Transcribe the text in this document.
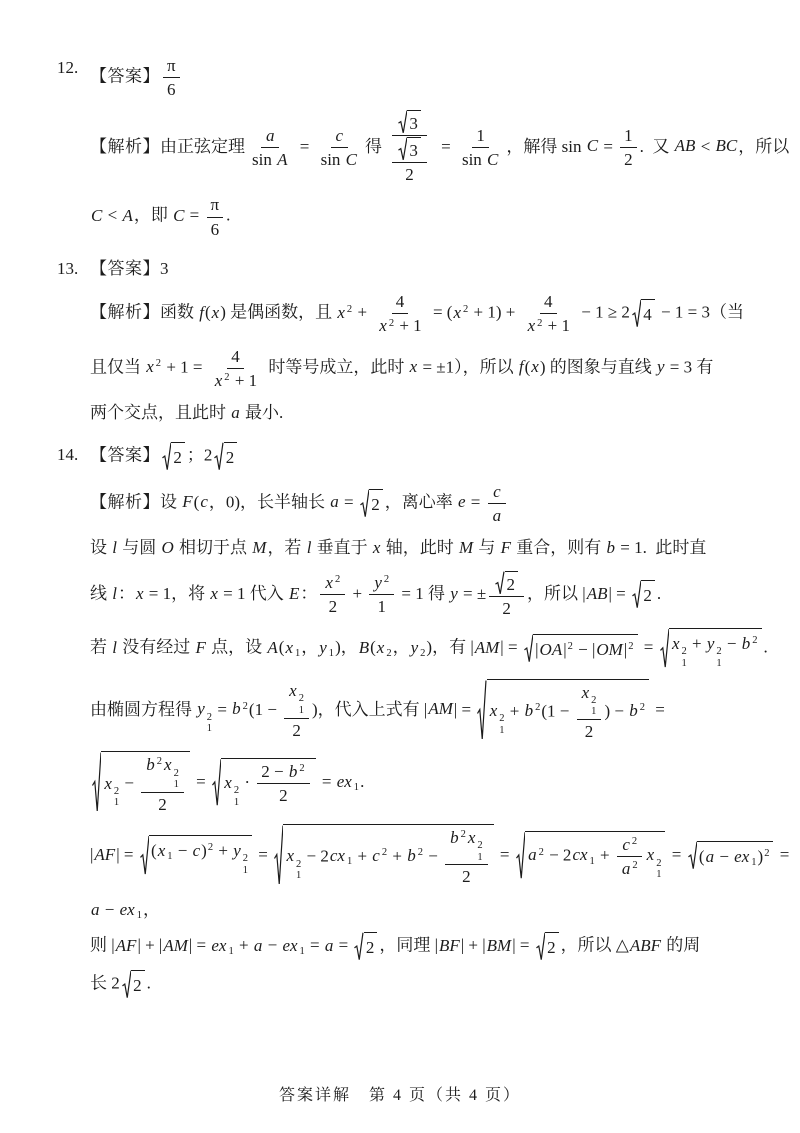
12. 【答案】 $\frac{\pi}{6}$
【解析】由正弦定理 $\frac{a}{\text{sin A}} = \frac{c}{\text{sin C}}$ 得 $\frac{3}{\frac{3}{2}} = \frac{1}{\text{sin C}}$ ，解得 $\sin C = \frac{1}{2}$ .  又 AB < BC，所以
C < A，即 $C = \frac{\pi}{6}$ .
13. 【答案】3
【解析】函数 f(x) 是偶函数，且 x $^2 + \frac{4}{x ^2 + 1} = (x$ $^2 + 1) + \frac{4}{x ^2 + 1} - 1 \ge 2$ 4 − 1 = 3（当
且仅当 x $^2 + 1 = \frac{4}{x ^2 + 1}$ 时等号成立，此时 x = ±1），所以 f(x) 的图象与直线 y = 3 有
两个交点，且此时 a 最小.
14. 【答案】 2 ；2 2
【解析】设 F(c，0)，长半轴长 a = 2 ，离心率 $e = \frac{c}{a}$
设 l 与圆 O 相切于点 M，若 l 垂直于 x 轴，此时 M 与 F 重合，则有 b = 1.  此时直
线 l：x = 1，将 x = 1 代入 E： $\frac{x ^2}{2} + \frac{y ^2}{1} = 1$ 得 y = ± $\frac{2}{2}$ ，所以 |AB| = 2 .
若 l 没有经过 F 点，设 A(x $_1$，y $_1$)，B(x $_2$，y $_2$)，有 $|AM| = |OA|^2 - |OM|^2 = x$ 2
1
+ y 2
1
− b $^2$ .
由椭圆方程得 y 2
1
= b $^2$(1 − x 2
1
2 )，代入上式有 |AM| = x 2
1
+ b $^2$(1 − x 2
1
2 ) − b $^2$ =
x 2
1
− b $^2$ x 2
1
2 = x 2
1
· $\frac{2 - b ^2}{2}$ = ex $_1$.
|AF| = (x $_1$ − c)$^2$ + y 2
1
= x 2
1
− 2cx $_1$ + c $^2$ + b $^2$ − b $^2$ x 2
1
2 = a $^2$ − 2cx $_1 + \frac{c ^2}{a ^2}$ x 2
1
= (a − ex $_1$)$^2$ =
a − ex $_1$，
则 |AF| + |AM| = ex $_1$ + a − ex $_1$ = a = 2 ，同理 |BF| + |BM| = 2 ，所以 △ABF 的周
长 2 2 .
答案详解　第 4 页（共 4 页）
